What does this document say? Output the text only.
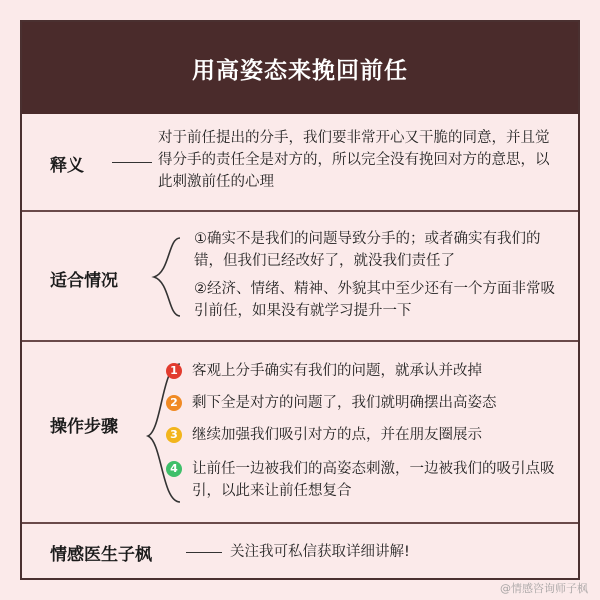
用高姿态来挽回前任
释义
对于前任提出的分手，我们要非常开心又干脆的同意，并且觉得分手的责任全是对方的，所以完全没有挽回对方的意思，以此刺激前任的心理
适合情况
①确实不是我们的问题导致分手的；或者确实有我们的错，但我们已经改好了，就没我们责任了
②经济、情绪、精神、外貌其中至少还有一个方面非常吸引前任，如果没有就学习提升一下
操作步骤
1 客观上分手确实有我们的问题，就承认并改掉
2 剩下全是对方的问题了，我们就明确摆出高姿态
3 继续加强我们吸引对方的点，并在朋友圈展示
4 让前任一边被我们的高姿态刺激，一边被我们的吸引点吸引，以此来让前任想复合
情感医生子枫	关注我可私信获取详细讲解!
@情感咨询师子枫
